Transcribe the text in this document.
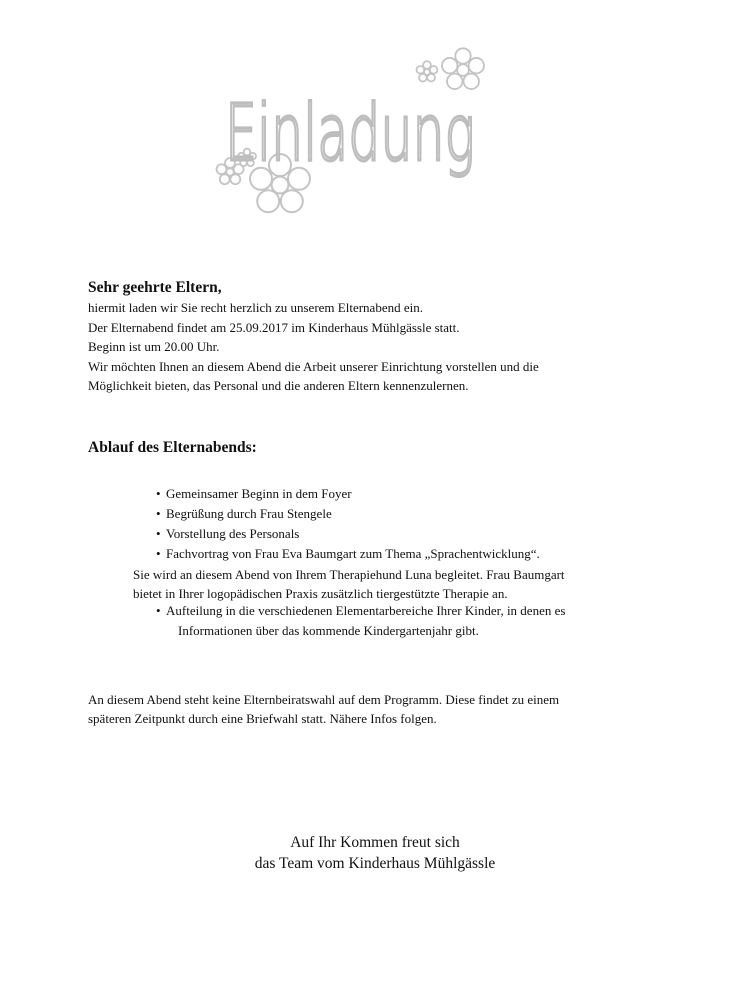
Einladung
Sehr geehrte Eltern,

hiermit laden wir Sie recht herzlich zu unserem Elternabend ein.

Der Elternabend findet am 25.09.2017 im Kinderhaus Mühlgässle statt.

Beginn ist um 20.00 Uhr.

Wir möchten Ihnen an diesem Abend die Arbeit unserer Einrichtung vorstellen und die

Möglichkeit bieten, das Personal und die anderen Eltern kennenzulernen.

Ablauf des Elternabends:
• Gemeinsamer Beginn in dem Foyer
• Begrüßung durch Frau Stengele
• Vorstellung des Personals
• Fachvortrag von Frau Eva Baumgart zum Thema „Sprachentwicklung“.

Sie wird an diesem Abend von Ihrem Therapiehund Luna begleitet. Frau Baumgart
bietet in Ihrer logopädischen Praxis zusätzlich tiergestützte Therapie an.

• Aufteilung in die verschiedenen Elementarbereiche Ihrer Kinder, in denen es
Informationen über das kommende Kindergartenjahr gibt.

An diesem Abend steht keine Elternbeiratswahl auf dem Programm. Diese findet zu einem
späteren Zeitpunkt durch eine Briefwahl statt. Nähere Infos folgen.

Auf Ihr Kommen freut sich
das Team vom Kinderhaus Mühlgässle
